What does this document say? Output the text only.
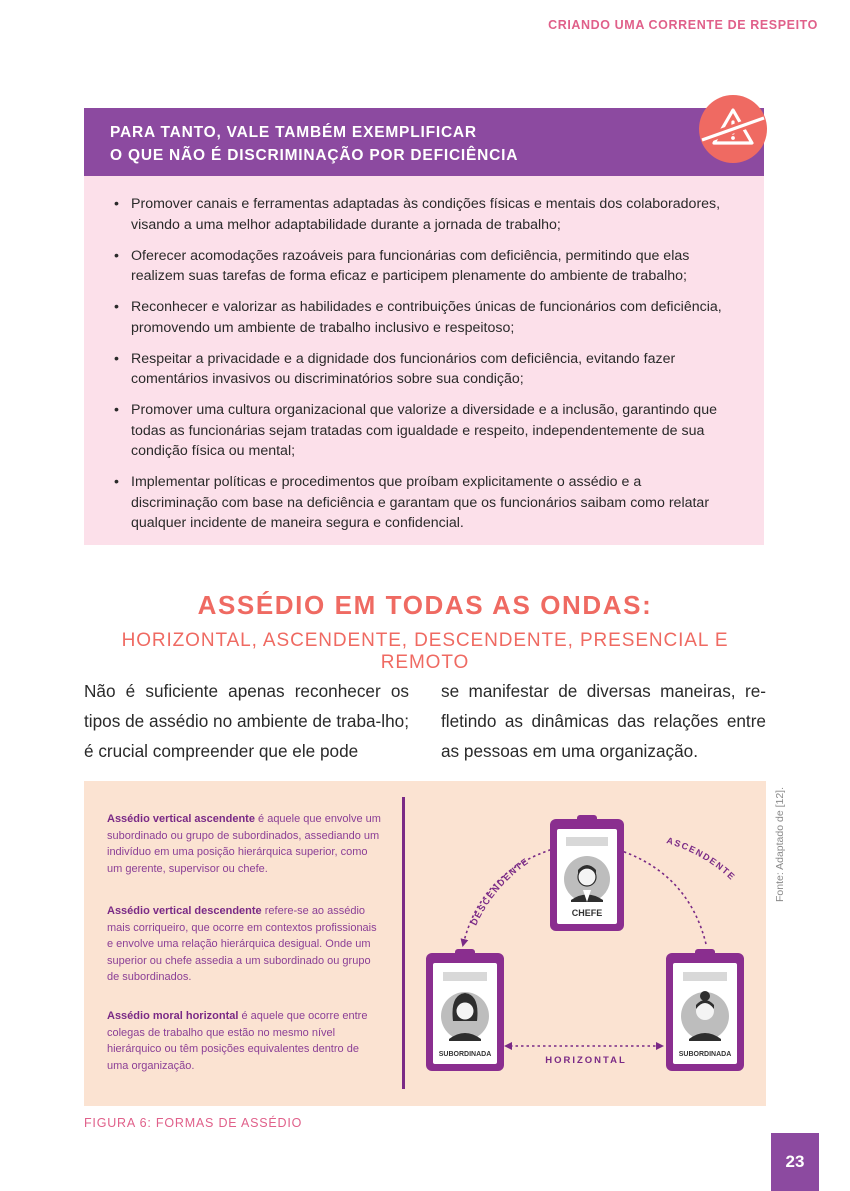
CRIANDO UMA CORRENTE DE RESPEITO
PARA TANTO, VALE TAMBÉM EXEMPLIFICAR
O QUE NÃO É DISCRIMINAÇÃO POR DEFICIÊNCIA
• Promover canais e ferramentas adaptadas às condições físicas e mentais dos colaboradores, visando a uma melhor adaptabilidade durante a jornada de trabalho;
• Oferecer acomodações razoáveis para funcionárias com deficiência, permitindo que elas realizem suas tarefas de forma eficaz e participem plenamente do ambiente de trabalho;
• Reconhecer e valorizar as habilidades e contribuições únicas de funcionários com deficiência, promovendo um ambiente de trabalho inclusivo e respeitoso;
• Respeitar a privacidade e a dignidade dos funcionários com deficiência, evitando fazer comentários invasivos ou discriminatórios sobre sua condição;
• Promover uma cultura organizacional que valorize a diversidade e a inclusão, garantindo que todas as funcionárias sejam tratadas com igualdade e respeito, independentemente de sua condição física ou mental;
• Implementar políticas e procedimentos que proíbam explicitamente o assédio e a discriminação com base na deficiência e garantam que os funcionários saibam como relatar qualquer incidente de maneira segura e confidencial.
ASSÉDIO EM TODAS AS ONDAS:
HORIZONTAL, ASCENDENTE, DESCENDENTE, PRESENCIAL E REMOTO
Não é suficiente apenas reconhecer os tipos de assédio no ambiente de traba-lho; é crucial compreender que ele pode
se manifestar de diversas maneiras, re-fletindo as dinâmicas das relações entre as pessoas em uma organização.
Assédio vertical ascendente é aquele que envolve um subordinado ou grupo de subordinados, assediando um indivíduo em uma posição hierárquica superior, como um gerente, supervisor ou chefe.
Assédio vertical descendente refere-se ao assédio mais corriqueiro, que ocorre em contextos profissionais e envolve uma relação hierárquica desigual. Onde um superior ou chefe assedia a um subordinado ou grupo de subordinados.
Assédio moral horizontal é aquele que ocorre entre colegas de trabalho que estão no mesmo nível hierárquico ou têm posições equivalentes dentro de uma organização.
DESCENDENTE
ASCENDENTE
HORIZONTAL
CHEFE
SUBORDINADA	SUBORDINADA
Fonte: Adaptado de [12].
FIGURA 6: FORMAS DE ASSÉDIO
23
